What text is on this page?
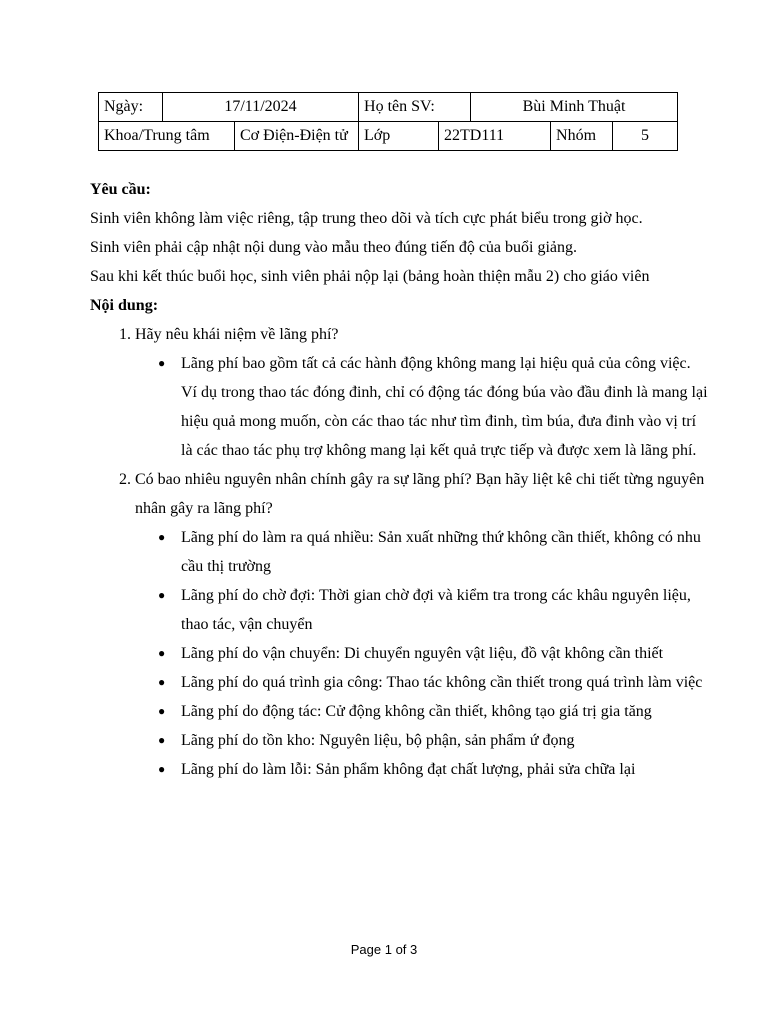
Ngày:	17/11/2024		Họ tên SV:		Bùi Minh Thuật		
Khoa/Trung tâm		Cơ Điện-Điện tử	Lớp	22TD111		Nhóm	5

Yêu cầu:

Sinh viên không làm việc riêng, tập trung theo dõi và tích cực phát biểu trong giờ học.

Sinh viên phải cập nhật nội dung vào mẫu theo đúng tiến độ của buổi giảng.

Sau khi kết thúc buổi học, sinh viên phải nộp lại (bảng hoàn thiện mẫu 2) cho giáo viên

Nội dung:

1. Hãy nêu khái niệm về lãng phí?
● Lãng phí bao gồm tất cả các hành động không mang lại hiệu quả của công việc. Ví dụ trong thao tác đóng đinh, chỉ có động tác đóng búa vào đầu đinh là mang lại hiệu quả mong muốn, còn các thao tác như tìm đinh, tìm búa, đưa đinh vào vị trí là các thao tác phụ trợ không mang lại kết quả trực tiếp và được xem là lãng phí.
2. Có bao nhiêu nguyên nhân chính gây ra sự lãng phí? Bạn hãy liệt kê chi tiết từng nguyên nhân gây ra lãng phí?
● Lãng phí do làm ra quá nhiều: Sản xuất những thứ không cần thiết, không có nhu cầu thị trường
● Lãng phí do chờ đợi: Thời gian chờ đợi và kiểm tra trong các khâu nguyên liệu, thao tác, vận chuyển
● Lãng phí do vận chuyển: Di chuyển nguyên vật liệu, đồ vật không cần thiết
● Lãng phí do quá trình gia công: Thao tác không cần thiết trong quá trình làm việc
● Lãng phí do động tác: Cử động không cần thiết, không tạo giá trị gia tăng
● Lãng phí do tồn kho: Nguyên liệu, bộ phận, sản phẩm ứ đọng
● Lãng phí do làm lỗi: Sản phẩm không đạt chất lượng, phải sửa chữa lại
Page 1 of 3
